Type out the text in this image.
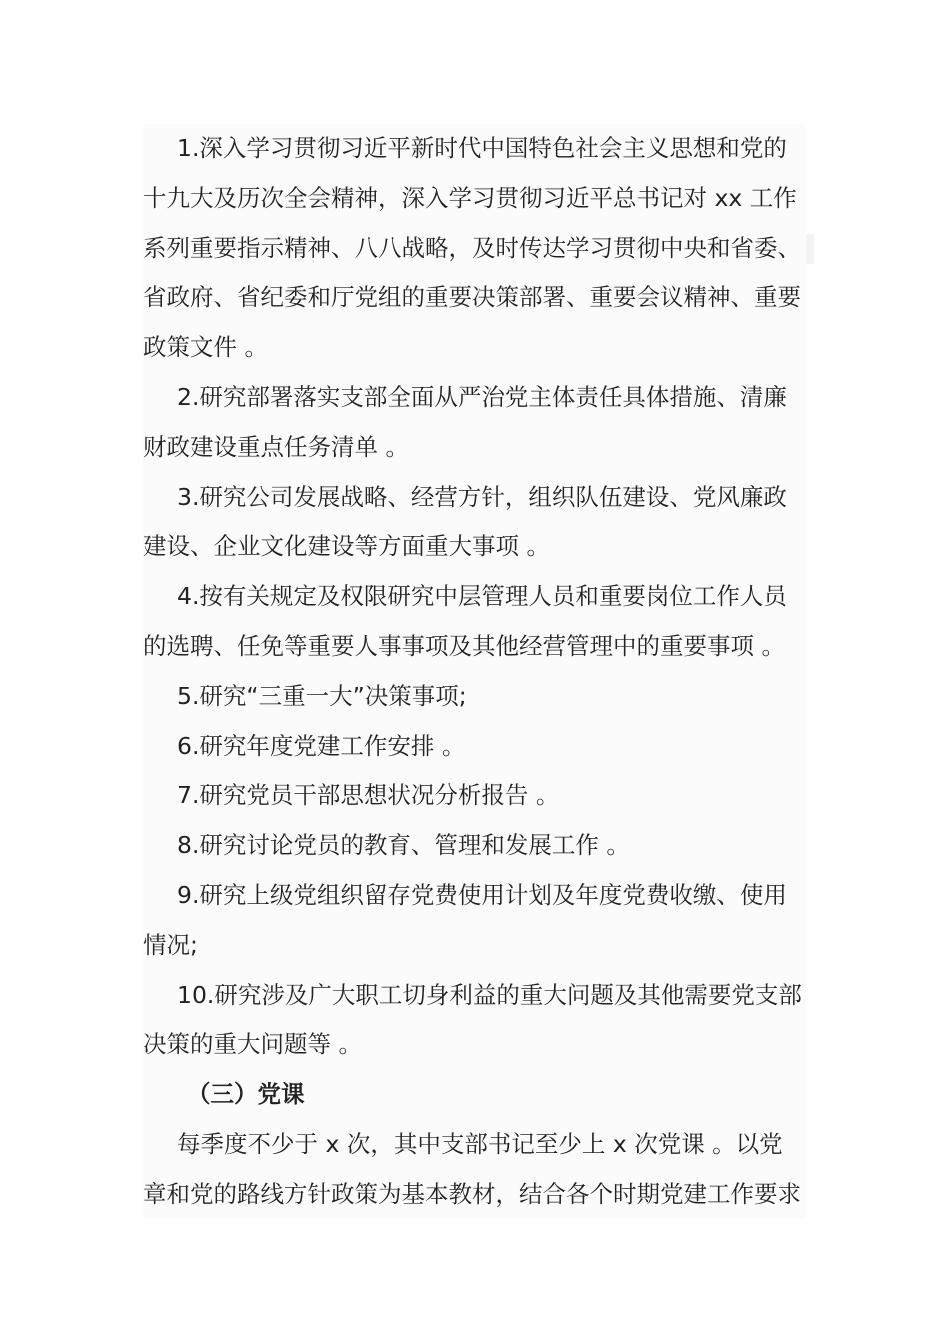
1.深入学习贯彻习近平新时代中国特色社会主义思想和党的十九大及历次全会精神，深入学习贯彻习近平总书记对 xx 工作系列重要指示精神、八八战略，及时传达学习贯彻中央和省委、省政府、省纪委和厅党组的重要决策部署、重要会议精神、重要政策文件 。

2.研究部署落实支部全面从严治党主体责任具体措施、清廉财政建设重点任务清单 。

3.研究公司发展战略、经营方针，组织队伍建设、党风廉政建设、企业文化建设等方面重大事项 。

4.按有关规定及权限研究中层管理人员和重要岗位工作人员的选聘、任免等重要人事事项及其他经营管理中的重要事项 。

5.研究“三重一大”决策事项;

6.研究年度党建工作安排 。

7.研究党员干部思想状况分析报告 。

8.研究讨论党员的教育、管理和发展工作 。

9.研究上级党组织留存党费使用计划及年度党费收缴、使用情况;

10.研究涉及广大职工切身利益的重大问题及其他需要党支部决策的重大问题等 。

（三）党课

每季度不少于 x 次，其中支部书记至少上 x 次党课 。以党章和党的路线方针政策为基本教材，结合各个时期党建工作要求
